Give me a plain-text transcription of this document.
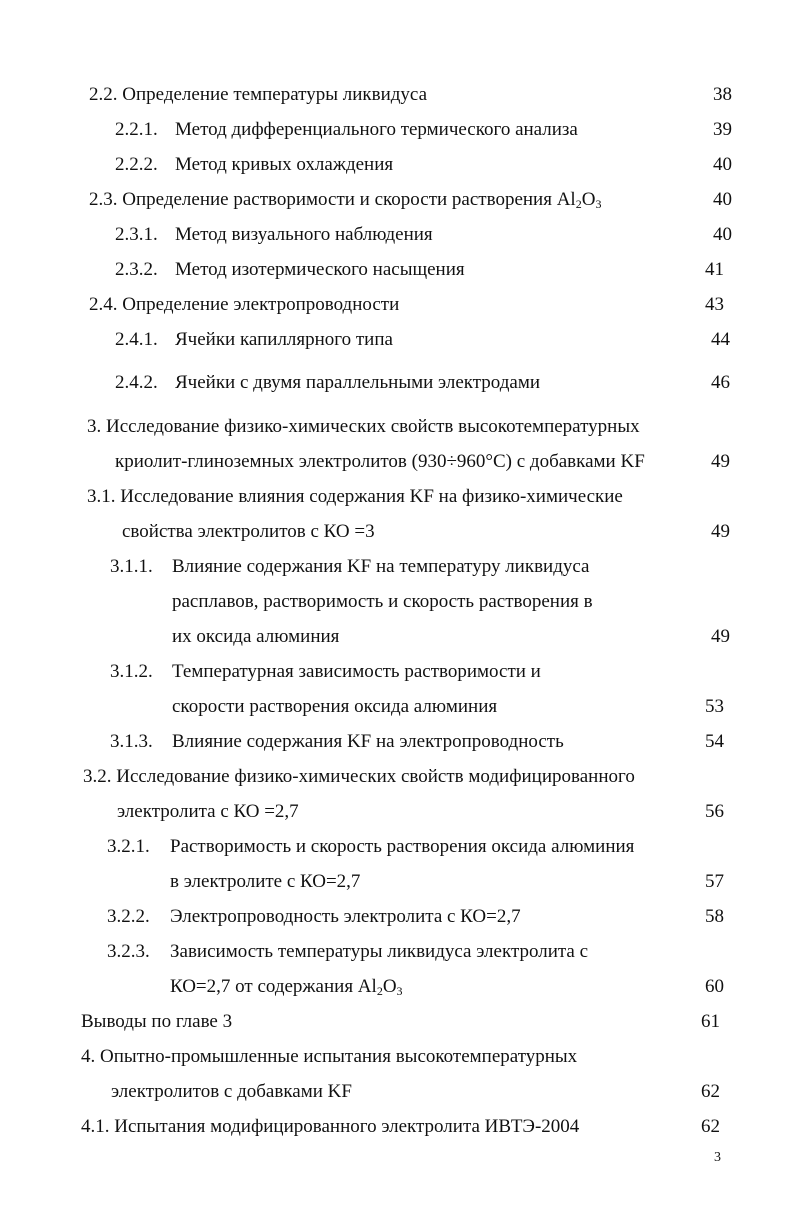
2.2. Определение температуры ликвидуса	38
2.2.1. Метод дифференциального термического анализа	39
2.2.2. Метод кривых охлаждения	40
2.3. Определение растворимости и скорости растворения $Al_2O_3$	40
2.3.1. Метод визуального наблюдения	40
2.3.2. Метод изотермического насыщения	41
2.4. Определение электропроводности	43
2.4.1. Ячейки капиллярного типа	44
2.4.2. Ячейки с двумя параллельными электродами	46
3. Исследование физико-химических свойств высокотемпературных
криолит-глиноземных электролитов (930÷960°С) с добавками KF	49
3.1. Исследование влияния содержания KF на физико-химические
свойства электролитов с КО =3	49
3.1.1. Влияние содержания KF на температуру ликвидуса
расплавов, растворимость и скорость растворения в
их оксида алюминия	49
3.1.2. Температурная зависимость растворимости и
скорости растворения оксида алюминия	53
3.1.3. Влияние содержания KF на электропроводность	54
3.2. Исследование физико-химических свойств модифицированного
электролита с КО =2,7	56
3.2.1. Растворимость и скорость растворения оксида алюминия
в электролите с КО=2,7	57
3.2.2. Электропроводность электролита с КО=2,7	58
3.2.3. Зависимость температуры ликвидуса электролита с
КО=2,7 от содержания $Al_2O_3$	60
Выводы по главе 3	61
4. Опытно-промышленные испытания высокотемпературных
электролитов с добавками KF	62
4.1. Испытания модифицированного электролита ИВТЭ-2004	62
3
